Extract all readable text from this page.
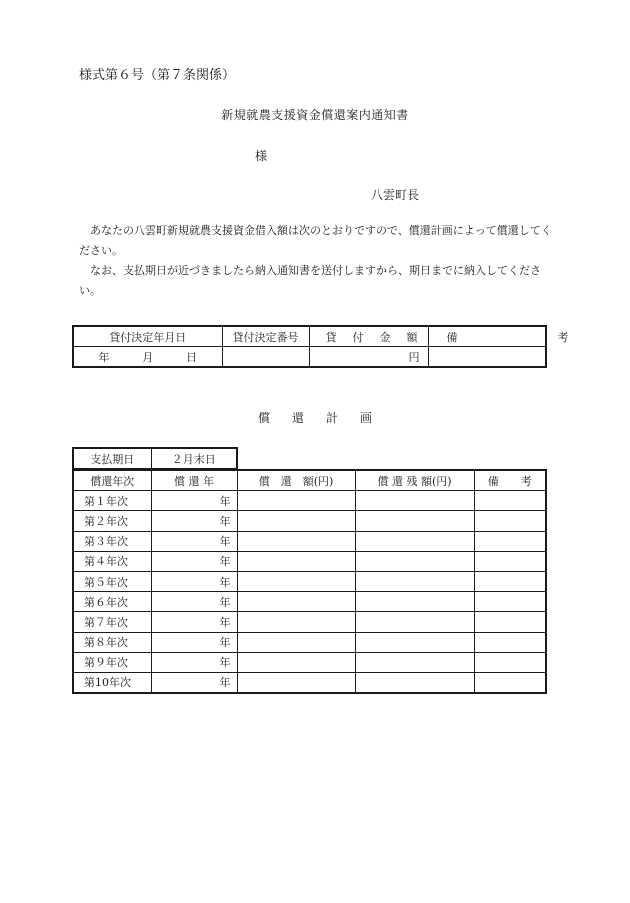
様式第６号（第７条関係）
新規就農支援資金償還案内通知書
様
八雲町長

あなたの八雲町新規就農支援資金借入額は次のとおりですので、償還計画によって償還してください。

なお、支払期日が近づきましたら納入通知書を送付しますから、期日までに納入してください。

貸付決定年月日	貸付決定番号	貸 付 金 額	備 考

年 月 日		円	
償還計画
支払期日	２月末日
償還年次	償 還 年	償　還　額(円)	償 還 残 額(円)	備　　考
第１年次	年			
第２年次	年			
第３年次	年			
第４年次	年			
第５年次	年			
第６年次	年			
第７年次	年			
第８年次	年			
第９年次	年			
第10年次	年			
